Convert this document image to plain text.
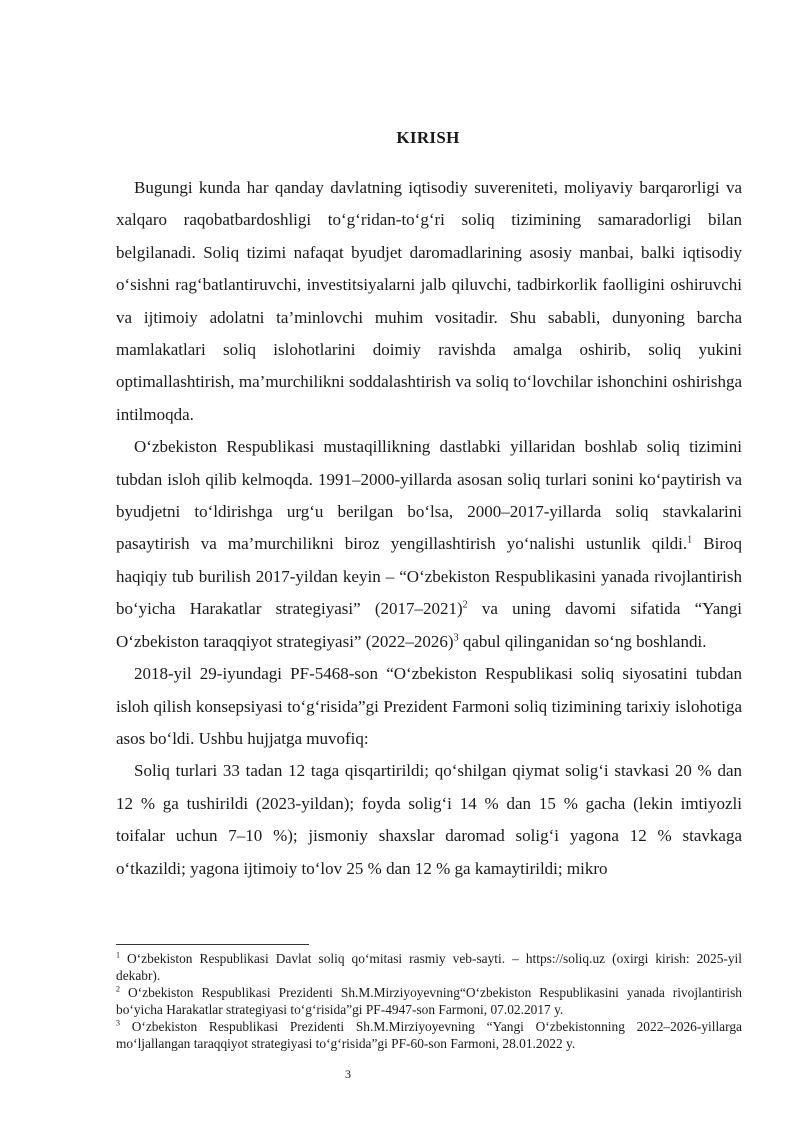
KIRISH

Bugungi kunda har qanday davlatning iqtisodiy suvereniteti, moliyaviy barqarorligi va xalqaro raqobatbardoshligi to‘g‘ridan-to‘g‘ri soliq tizimining samaradorligi bilan belgilanadi. Soliq tizimi nafaqat byudjet daromadlarining asosiy manbai, balki iqtisodiy o‘sishni rag‘batlantiruvchi, investitsiyalarni jalb qiluvchi, tadbirkorlik faolligini oshiruvchi va ijtimoiy adolatni ta’minlovchi muhim vositadir. Shu sababli, dunyoning barcha mamlakatlari soliq islohotlarini doimiy ravishda amalga oshirib, soliq yukini optimallashtirish, ma’murchilikni soddalashtirish va soliq to‘lovchilar ishonchini oshirishga intilmoqda.

O‘zbekiston Respublikasi mustaqillikning dastlabki yillaridan boshlab soliq tizimini tubdan isloh qilib kelmoqda. 1991–2000-yillarda asosan soliq turlari sonini ko‘paytirish va byudjetni to‘ldirishga urg‘u berilgan bo‘lsa, 2000–2017-yillarda soliq stavkalarini pasaytirish va ma’murchilikni biroz yengillashtirish yo‘nalishi ustunlik qildi.$^1$ Biroq haqiqiy tub burilish 2017-yildan keyin – “O‘zbekiston Respublikasini yanada rivojlantirish bo‘yicha Harakatlar strategiyasi” (2017–2021)$^2$ va uning davomi sifatida “Yangi O‘zbekiston taraqqiyot strategiyasi” (2022–2026)$^3$ qabul qilinganidan so‘ng boshlandi.

2018-yil 29-iyundagi PF-5468-son “O‘zbekiston Respublikasi soliq siyosatini tubdan isloh qilish konsepsiyasi to‘g‘risida”gi Prezident Farmoni soliq tizimining tarixiy islohotiga asos bo‘ldi. Ushbu hujjatga muvofiq:

Soliq turlari 33 tadan 12 taga qisqartirildi; qo‘shilgan qiymat solig‘i stavkasi 20 % dan 12 % ga tushirildi (2023-yildan); foyda solig‘i 14 % dan 15 % gacha (lekin imtiyozli toifalar uchun 7–10 %); jismoniy shaxslar daromad solig‘i yagona 12 % stavkaga o‘tkazildi; yagona ijtimoiy to‘lov 25 % dan 12 % ga kamaytirildi; mikro

$^1$ O‘zbekiston Respublikasi Davlat soliq qo‘mitasi rasmiy veb-sayti. – https://soliq.uz (oxirgi kirish: 2025-yil dekabr).

$^2$ O‘zbekiston Respublikasi Prezidenti Sh.M.Mirziyoyevning“O‘zbekiston Respublikasini yanada rivojlantirish bo‘yicha Harakatlar strategiyasi to‘g‘risida”gi PF-4947-son Farmoni, 07.02.2017 y.

$^3$ O‘zbekiston Respublikasi Prezidenti Sh.M.Mirziyoyevning “Yangi O‘zbekistonning 2022–2026-yillarga mo‘ljallangan taraqqiyot strategiyasi to‘g‘risida”gi PF-60-son Farmoni, 28.01.2022 y.

3
